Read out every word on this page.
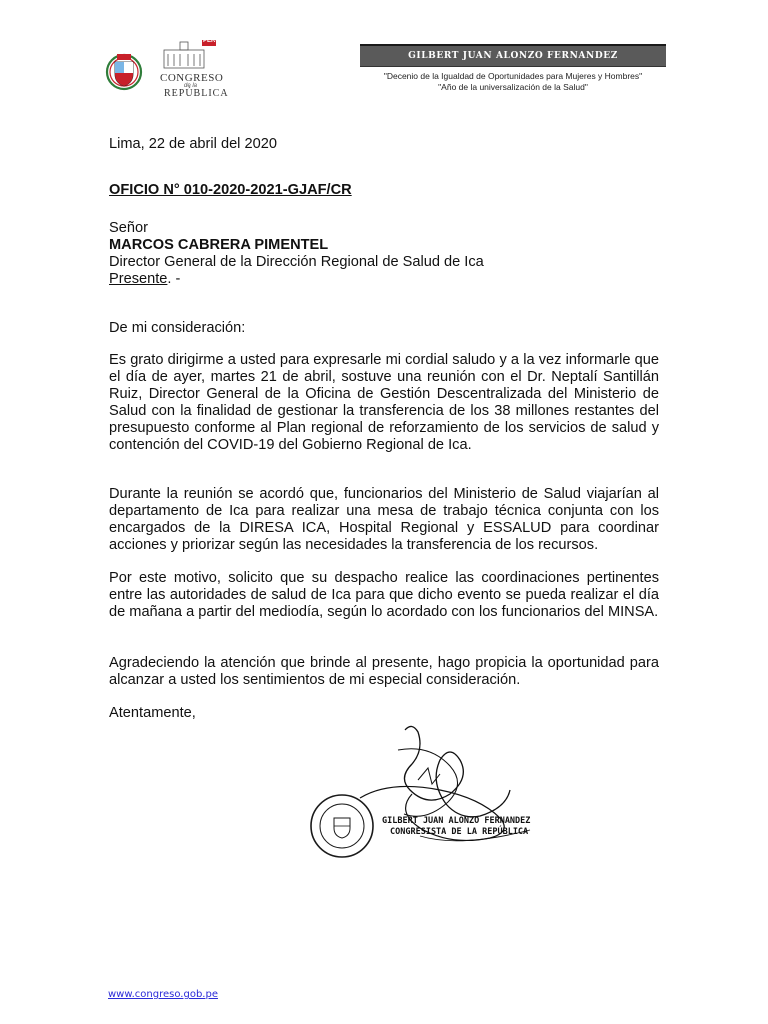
PERÚ
CONGRESO
de la
REPÚBLICA
GILBERT JUAN ALONZO FERNANDEZ
"Decenio de la Igualdad de Oportunidades para Mujeres y Hombres"
"Año de la universalización de la Salud"
Lima, 22 de abril del 2020
OFICIO N° 010-2020-2021-GJAF/CR
Señor
MARCOS CABRERA PIMENTEL
Director General de la Dirección Regional de Salud de Ica
Presente. -
De mi consideración:
Es grato dirigirme a usted para expresarle mi cordial saludo y a la vez informarle que el día de ayer, martes 21 de abril, sostuve una reunión con el Dr. Neptalí Santillán Ruiz, Director General de la Oficina de Gestión Descentralizada del Ministerio de Salud con la finalidad de gestionar la transferencia de los 38 millones restantes del presupuesto conforme al Plan regional de reforzamiento de los servicios de salud y contención del COVID-19 del Gobierno Regional de Ica.
Durante la reunión se acordó que, funcionarios del Ministerio de Salud viajarían al departamento de Ica para realizar una mesa de trabajo técnica conjunta con los encargados de la DIRESA ICA, Hospital Regional y ESSALUD para coordinar acciones y priorizar según las necesidades la transferencia de los recursos.
Por este motivo, solicito que su despacho realice las coordinaciones pertinentes entre las autoridades de salud de Ica para que dicho evento se pueda realizar el día de mañana a partir del mediodía, según lo acordado con los funcionarios del MINSA.
Agradeciendo la atención que brinde al presente, hago propicia la oportunidad para alcanzar a usted los sentimientos de mi especial consideración.
Atentamente,
GILBERT JUAN ALONZO FERNANDEZ
CONGRESISTA DE LA REPÚBLICA
www.congreso.gob.pe
